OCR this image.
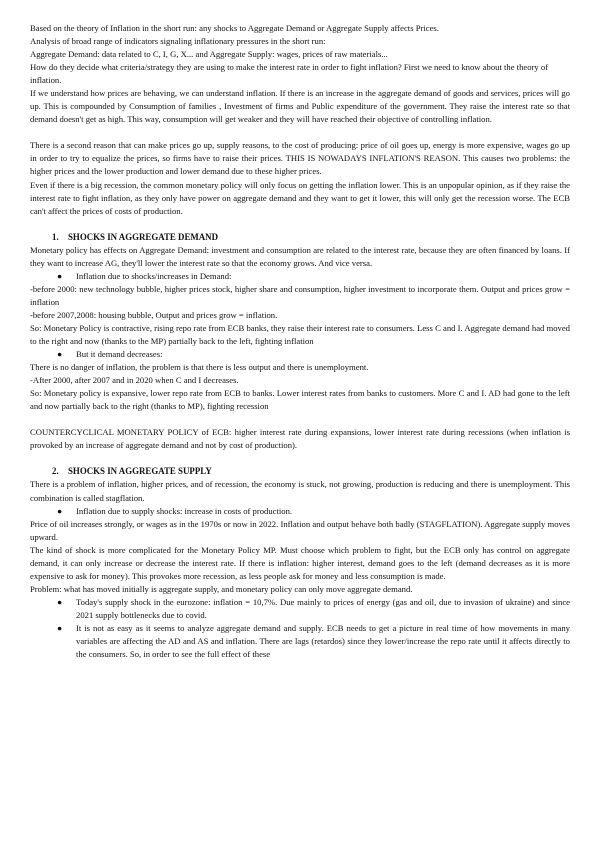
Based on the theory of Inflation in the short run: any shocks to Aggregate Demand or Aggregate Supply affects Prices.

Analysis of broad range of indicators signaling inflationary pressures in the short run:

Aggregate Demand: data related to C, I, G, X... and Aggregate Supply: wages, prices of raw materials...

How do they decide what criteria/strategy they are using to make the interest rate in order to fight inflation? First we need to know about the theory of inflation.

If we understand how prices are behaving, we can understand inflation. If there is an increase in the aggregate demand of goods and services, prices will go up. This is compounded by Consumption of families , Investment of firms and Public expenditure of the government. They raise the interest rate so that demand doesn't get as high. This way, consumption will get weaker and they will have reached their objective of controlling inflation.

There is a second reason that can make prices go up, supply reasons, to the cost of producing: price of oil goes up, energy is more expensive, wages go up in order to try to equalize the prices, so firms have to raise their prices. THIS IS NOWADAYS INFLATION'S REASON. This causes two problems: the higher prices and the lower production and lower demand due to these higher prices.

Even if there is a big recession, the common monetary policy will only focus on getting the inflation lower. This is an unpopular opinion, as if they raise the interest rate to fight inflation, as they only have power on aggregate demand and they want to get it lower, this will only get the recession worse. The ECB can't affect the prices of costs of production.

1. SHOCKS IN AGGREGATE DEMAND

Monetary policy has effects on Aggregate Demand: investment and consumption are related to the interest rate, because they are often financed by loans. If they want to increase AG, they'll lower the interest rate so that the economy grows. And vice versa.

● Inflation due to shocks/increases in Demand:

-before 2000: new technology bubble, higher prices stock, higher share and consumption, higher investment to incorporate them. Output and prices grow = inflation

-before 2007,2008: housing bubble, Output and prices grow = inflation.

So: Monetary Policy is contractive, rising repo rate from ECB banks, they raise their interest rate to consumers. Less C and I. Aggregate demand had moved to the right and now (thanks to the MP) partially back to the left, fighting inflation

● But it demand decreases:

There is no danger of inflation, the problem is that there is less output and there is unemployment.

-After 2000, after 2007 and in 2020 when C and I decreases.

So: Monetary policy is expansive, lower repo rate from ECB to banks. Lower interest rates from banks to customers. More C and I. AD had gone to the left and now partially back to the right (thanks to MP), fighting recession

COUNTERCYCLICAL MONETARY POLICY of ECB: higher interest rate during expansions, lower interest rate during recessions (when inflation is provoked by an increase of aggregate demand and not by cost of production).

2. SHOCKS IN AGGREGATE SUPPLY

There is a problem of inflation, higher prices, and of recession, the economy is stuck, not growing, production is reducing and there is unemployment. This combination is called stagflation.

● Inflation due to supply shocks: increase in costs of production.

Price of oil increases strongly, or wages as in the 1970s or now in 2022. Inflation and output behave both badly (STAGFLATION). Aggregate supply moves upward.

The kind of shock is more complicated for the Monetary Policy MP. Must choose which problem to fight, but the ECB only has control on aggregate demand, it can only increase or decrease the interest rate. If there is inflation: higher interest, demand goes to the left (demand decreases as it is more expensive to ask for money). This provokes more recession, as less people ask for money and less consumption is made.

Problem: what has moved initially is aggregate supply, and monetary policy can only move aggregate demand.

● Today's supply shock in the eurozone: inflation = 10,7%. Due mainly to prices of energy (gas and oil, due to invasion of ukraine) and since 2021 supply bottlenecks due to covid.

● It is not as easy as it seems to analyze aggregate demand and supply. ECB needs to get a picture in real time of how movements in many variables are affecting the AD and AS and inflation. There are lags (retardos) since they lower/increase the repo rate until it affects directly to the consumers. So, in order to see the full effect of these
